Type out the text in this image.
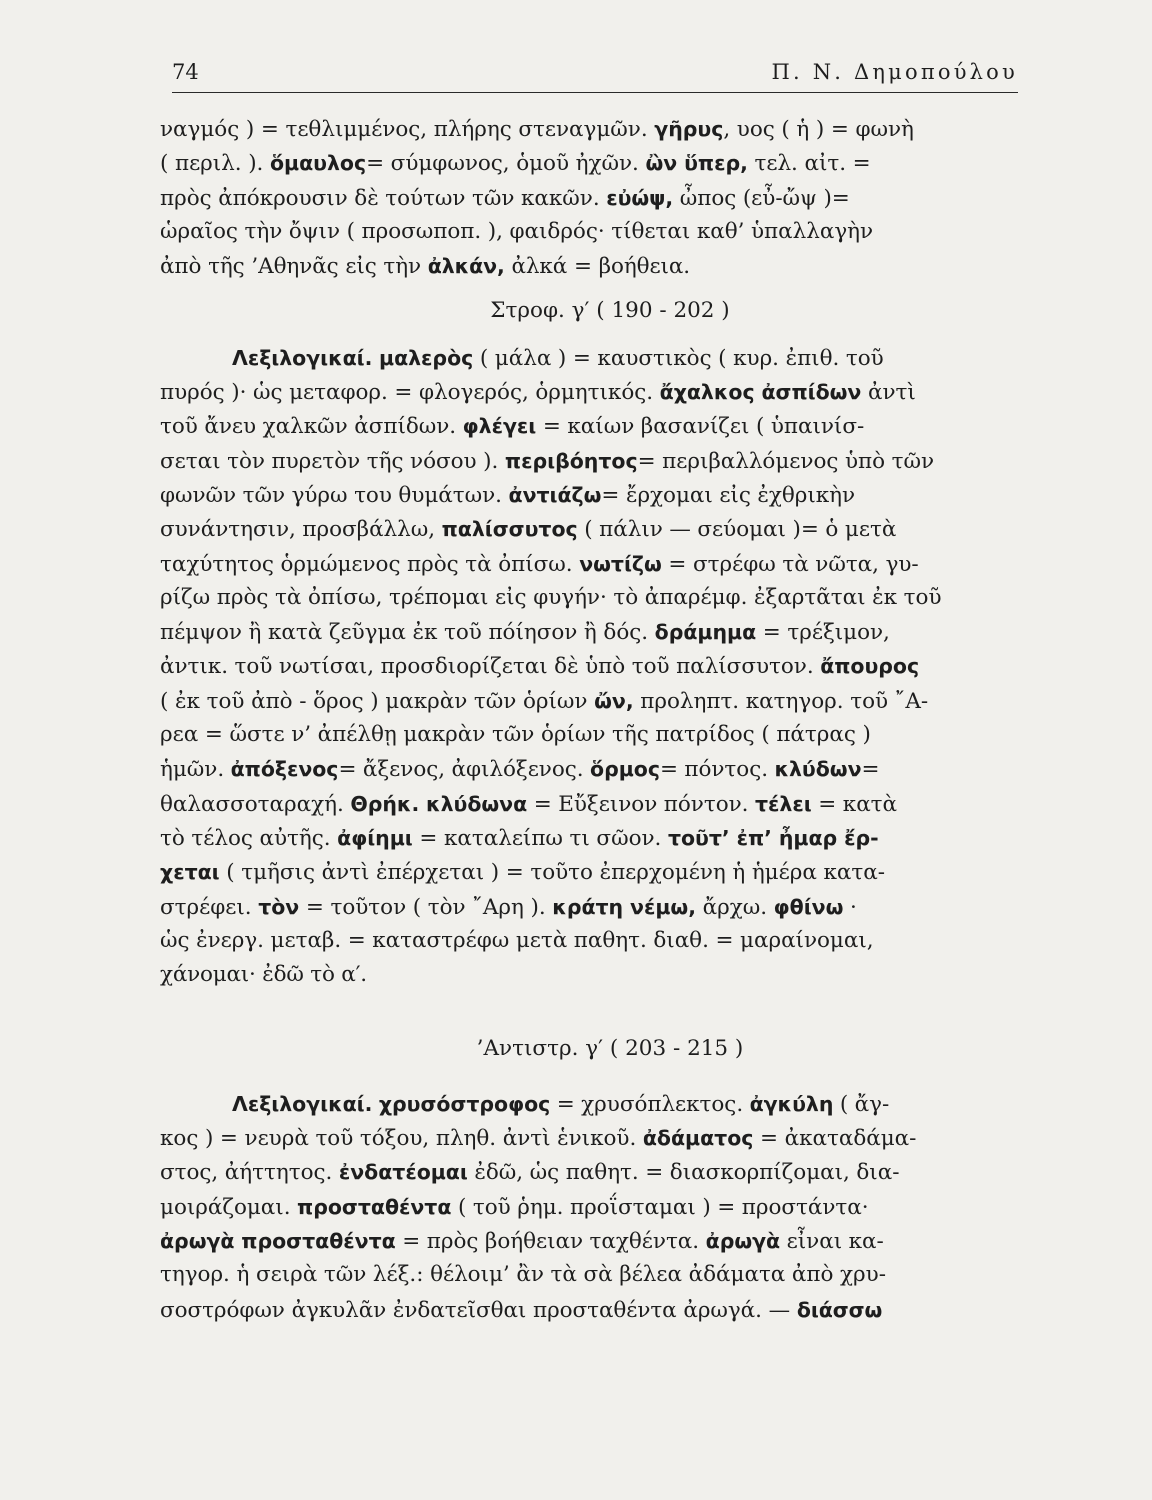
74	Π. Ν. Δημοπούλου
ναγμός ) = τεθλιμμένος, πλήρης στεναγμῶν. γῆρυς, υος ( ἡ ) = φωνὴ
( περιλ. ). ὅμαυλος= σύμφωνος, ὁμοῦ ἠχῶν. ὢν ὕπερ, τελ. αἰτ. =
πρὸς ἀπόκρουσιν δὲ τούτων τῶν κακῶν. εὐώψ, ὦπος (εὖ-ὤψ )=
ὡραῖος τὴν ὄψιν ( προσωποπ. ), φαιδρός· τίθεται καθ’ ὑπαλλαγὴν
ἀπὸ τῆς ’Αθηνᾶς εἰς τὴν ἀλκάν, ἀλκά = βοήθεια.
Στροφ. γ′ ( 190 - 202 )
Λεξιλογικαί. μαλερὸς ( μάλα ) = καυστικὸς ( κυρ. ἐπιθ. τοῦ
πυρός )· ὡς μεταφορ. = φλογερός, ὁρμητικός. ἄχαλκος ἀσπίδων ἀντὶ
τοῦ ἄνευ χαλκῶν ἀσπίδων. φλέγει = καίων βασανίζει ( ὑπαινίσ-
σεται τὸν πυρετὸν τῆς νόσου ). περιβόητος= περιβαλλόμενος ὑπὸ τῶν
φωνῶν τῶν γύρω του θυμάτων. ἀντιάζω= ἔρχομαι εἰς ἐχθρικὴν
συνάντησιν, προσβάλλω, παλίσσυτος ( πάλιν — σεύομαι )= ὁ μετὰ
ταχύτητος ὁρμώμενος πρὸς τὰ ὀπίσω. νωτίζω = στρέφω τὰ νῶτα, γυ-
ρίζω πρὸς τὰ ὀπίσω, τρέπομαι εἰς φυγήν· τὸ ἀπαρέμφ. ἐξαρτᾶται ἐκ τοῦ
πέμψον ἢ κατὰ ζεῦγμα ἐκ τοῦ πόίησον ἢ δός. δράμημα = τρέξιμον,
ἀντικ. τοῦ νωτίσαι, προσδιορίζεται δὲ ὑπὸ τοῦ παλίσσυτον. ἄπουρος
( ἐκ τοῦ ἀπὸ - ὅρος ) μακρὰν τῶν ὁρίων ὤν, προληπτ. κατηγορ. τοῦ ῎Α-
ρεα = ὥστε ν’ ἀπέλθῃ μακρὰν τῶν ὁρίων τῆς πατρίδος ( πάτρας )
ἡμῶν. ἀπόξενος= ἄξενος, ἀφιλόξενος. ὅρμος= πόντος. κλύδων=
θαλασσοταραχή. Θρήκ. κλύδωνα = Εὔξεινον πόντον. τέλει = κατὰ
τὸ τέλος αὐτῆς. ἀφίημι = καταλείπω τι σῶον. τοῦτ’ ἐπ’ ἦμαρ ἔρ-
χεται ( τμῆσις ἀντὶ ἐπέρχεται ) = τοῦτο ἐπερχομένη ἡ ἡμέρα κατα-
στρέφει. τὸν = τοῦτον ( τὸν ῎Αρη ). κράτη νέμω, ἄρχω. φθίνω ·
ὡς ἐνεργ. μεταβ. = καταστρέφω μετὰ παθητ. διαθ. = μαραίνομαι,
χάνομαι· ἐδῶ τὸ α′.
’Αντιστρ. γ′ ( 203 - 215 )
Λεξιλογικαί. χρυσόστροφος = χρυσόπλεκτος. ἀγκύλη ( ἄγ-
κος ) = νευρὰ τοῦ τόξου, πληθ. ἀντὶ ἑνικοῦ. ἀδάματος = ἀκαταδάμα-
στος, ἀήττητος. ἐνδατέομαι ἐδῶ, ὡς παθητ. = διασκορπίζομαι, δια-
μοιράζομαι. προσταθέντα ( τοῦ ῥημ. προΐσταμαι ) = προστάντα·
ἀρωγὰ προσταθέντα = πρὸς βοήθειαν ταχθέντα. ἀρωγὰ εἶναι κα-
τηγορ. ἡ σειρὰ τῶν λέξ.: θέλοιμ’ ἂν τὰ σὰ βέλεα ἀδάματα ἀπὸ χρυ-
σοστρόφων ἀγκυλᾶν ἐνδατεῖσθαι προσταθέντα ἀρωγά. — διάσσω
